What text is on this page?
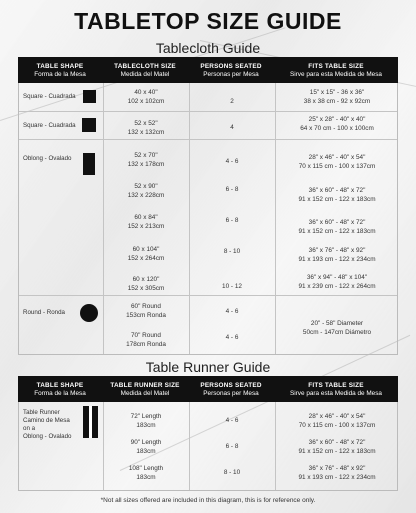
TABLETOP SIZE GUIDE
Tablecloth Guide
TABLE SHAPE
Forma de la Mesa
TABLECLOTH SIZE
Medida del Matel
PERSONS SEATED
Personas per Mesa
FITS TABLE SIZE
Sirve para esta Medida de Mesa
Square - Cuadrada
Square - Cuadrada
Oblong - Ovalado
Round - Ronda
40 x 40"
102 x 102cm
52 x 52"
132 x 132cm
52 x 70"
132 x 178cm
52 x 90"
132 x 228cm
60 x 84"
152 x 213cm
60 x 104"
152 x 264cm
60 x 120"
152 x 305cm
60" Round
153cm Ronda
70" Round
178cm Ronda
2
4
4 - 6
6 - 8
6 - 8
8 - 10
10 - 12
4 - 6
4 - 6
15" x 15" - 36 x 36"
38 x 38 cm - 92 x 92cm
25" x 28" - 40" x 40"
64 x 70 cm - 100 x 100cm
28" x 46" - 40" x 54"
70 x 115 cm - 100 x 137cm
36" x 60" - 48" x 72"
91 x 152 cm - 122 x 183cm
36" x 60" - 48" x 72"
91 x 152 cm - 122 x 183cm
36" x 76" - 48" x 92"
91 x 193 cm - 122 x 234cm
36" x 94" - 48" x 104"
91 x 239 cm - 122 x 264cm
20" - 58" Diameter
50cm - 147cm Diámetro
Table Runner Guide
TABLE SHAPE
Forma de la Mesa
TABLE RUNNER SIZE
Medida del Matel
PERSONS SEATED
Personas per Mesa
FITS TABLE SIZE
Sirve para esta Medida de Mesa
Table Runner
Camino de Mesa
on a
Oblong - Ovalado
72" Length
183cm
90" Length
183cm
108" Length
183cm
4 - 6
6 - 8
8 - 10
28" x 46" - 40" x 54"
70 x 115 cm - 100 x 137cm
36" x 60" - 48" x 72"
91 x 152 cm - 122 x 183cm
36" x 76" - 48" x 92"
91 x 193 cm - 122 x 234cm
*Not all sizes offered are included in this diagram, this is for reference only.
